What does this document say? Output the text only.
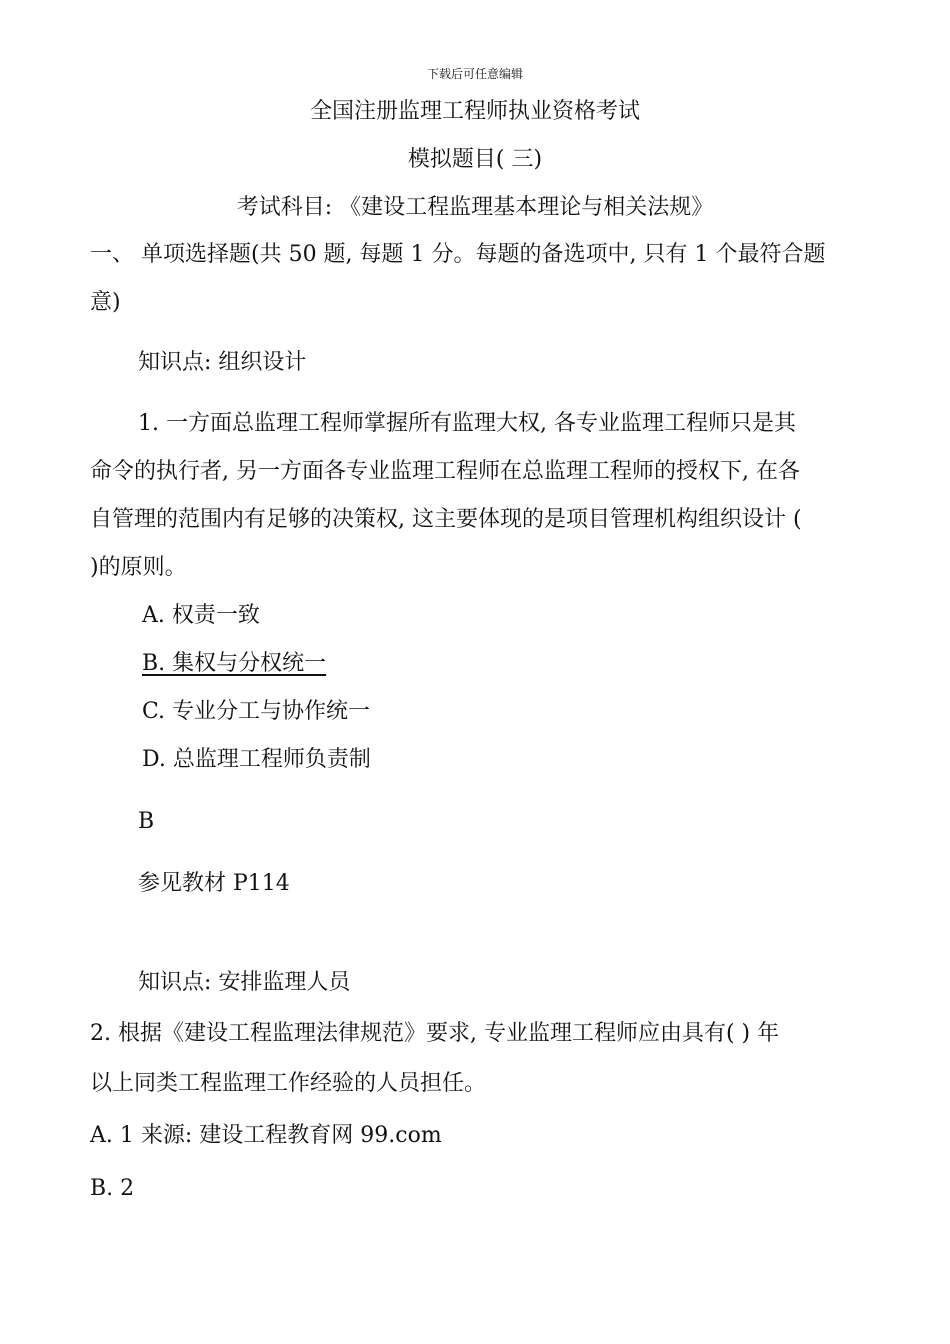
下载后可任意编辑
全国注册监理工程师执业资格考试
模拟题目( 三)
考试科目: 《建设工程监理基本理论与相关法规》
一、 单项选择题(共 50 题, 每题 1 分。每题的备选项中, 只有 1 个最符合题
意)
知识点: 组织设计
1. 一方面总监理工程师掌握所有监理大权, 各专业监理工程师只是其
命令的执行者, 另一方面各专业监理工程师在总监理工程师的授权下, 在各
自管理的范围内有足够的决策权, 这主要体现的是项目管理机构组织设计 (
)的原则。
A. 权责一致
B. 集权与分权统一
C. 专业分工与协作统一
D. 总监理工程师负责制
B
参见教材 P114
知识点: 安排监理人员
2. 根据《建设工程监理法律规范》要求, 专业监理工程师应由具有( ) 年
以上同类工程监理工作经验的人员担任。
A. 1 来源: 建设工程教育网 99.com
B. 2
